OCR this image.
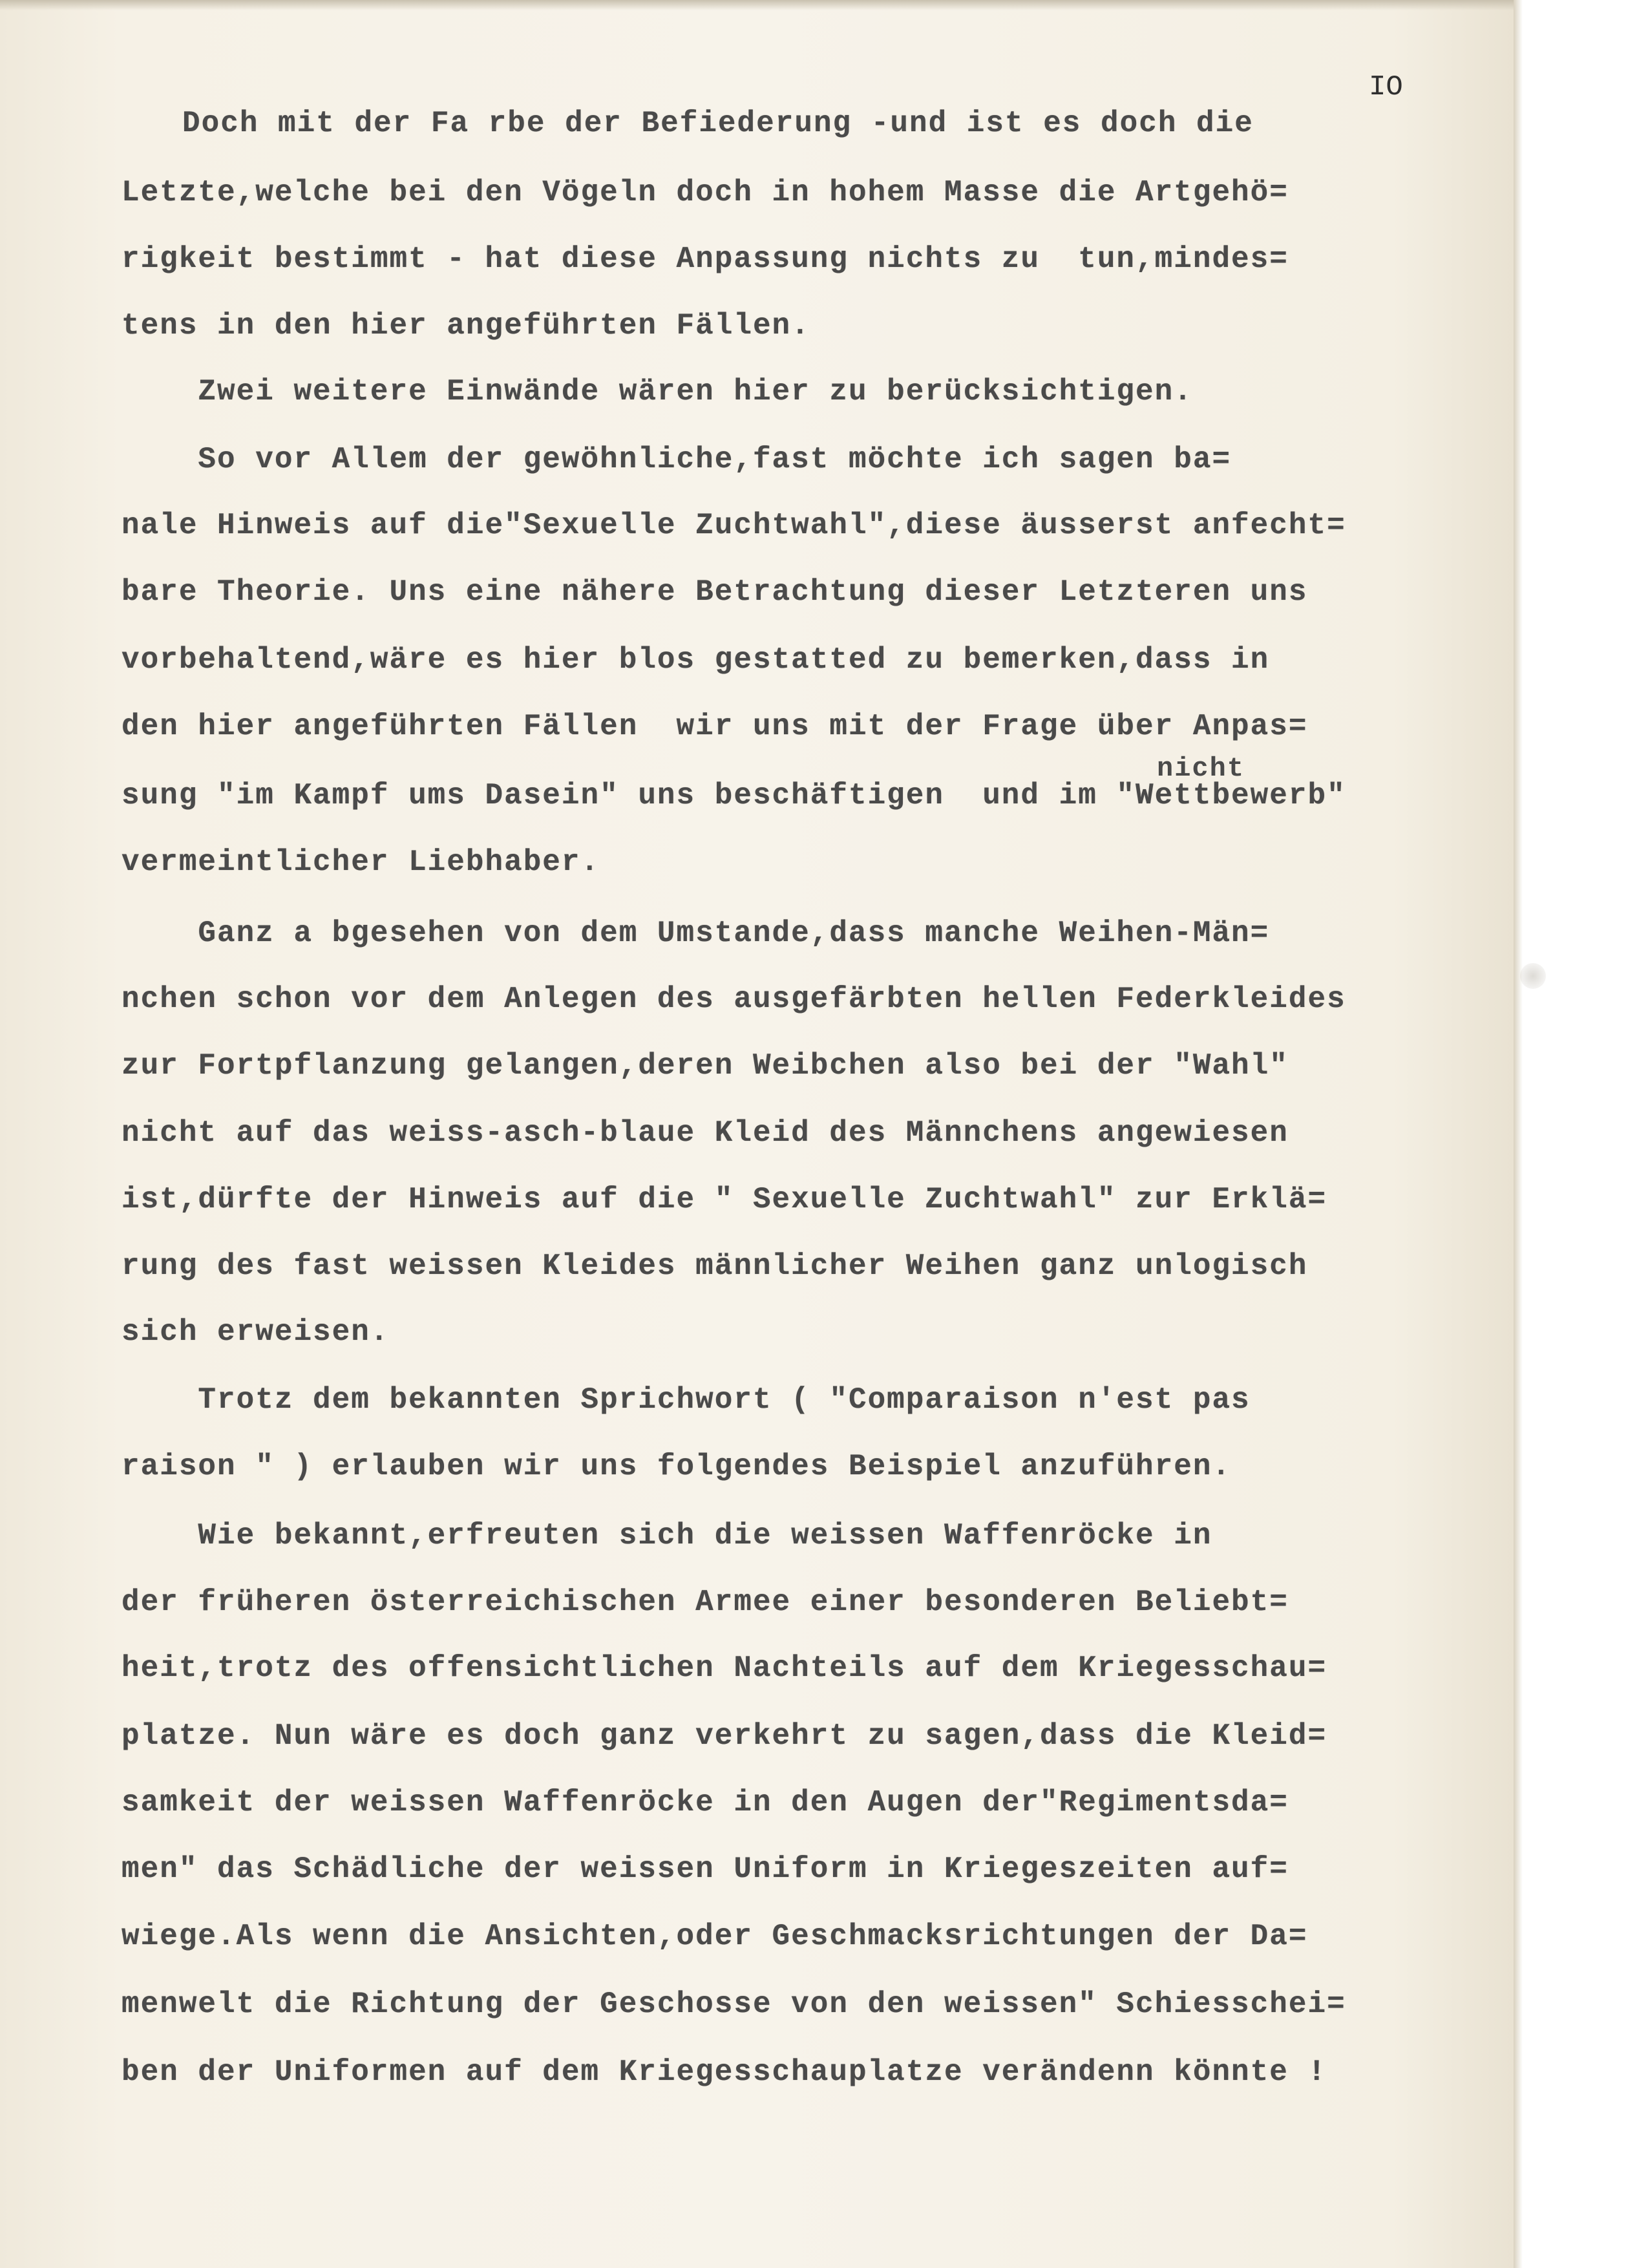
IO
nicht
Doch mit der Fa rbe der Befiederung -und ist es doch die
Letzte,welche bei den Vögeln doch in hohem Masse die Artgehö=
rigkeit bestimmt - hat diese Anpassung nichts zu  tun,mindes=
tens in den hier angeführten Fällen.
Zwei weitere Einwände wären hier zu berücksichtigen.
So vor Allem der gewöhnliche,fast möchte ich sagen ba=
nale Hinweis auf die"Sexuelle Zuchtwahl",diese äusserst anfecht=
bare Theorie. Uns eine nähere Betrachtung dieser Letzteren uns
vorbehaltend,wäre es hier blos gestatted zu bemerken,dass in
den hier angeführten Fällen  wir uns mit der Frage über Anpas=
sung "im Kampf ums Dasein" uns beschäftigen  und im "Wettbewerb"
vermeintlicher Liebhaber.
Ganz a bgesehen von dem Umstande,dass manche Weihen-Män=
nchen schon vor dem Anlegen des ausgefärbten hellen Federkleides
zur Fortpflanzung gelangen,deren Weibchen also bei der "Wahl"
nicht auf das weiss-asch-blaue Kleid des Männchens angewiesen
ist,dürfte der Hinweis auf die " Sexuelle Zuchtwahl" zur Erklä=
rung des fast weissen Kleides männlicher Weihen ganz unlogisch
sich erweisen.
Trotz dem bekannten Sprichwort ( "Comparaison n'est pas
raison " ) erlauben wir uns folgendes Beispiel anzuführen.
Wie bekannt,erfreuten sich die weissen Waffenröcke in
der früheren österreichischen Armee einer besonderen Beliebt=
heit,trotz des offensichtlichen Nachteils auf dem Kriegesschau=
platze. Nun wäre es doch ganz verkehrt zu sagen,dass die Kleid=
samkeit der weissen Waffenröcke in den Augen der"Regimentsda=
men" das Schädliche der weissen Uniform in Kriegeszeiten auf=
wiege.Als wenn die Ansichten,oder Geschmacksrichtungen der Da=
menwelt die Richtung der Geschosse von den weissen" Schiesschei=
ben der Uniformen auf dem Kriegesschauplatze verändenn könnte !
